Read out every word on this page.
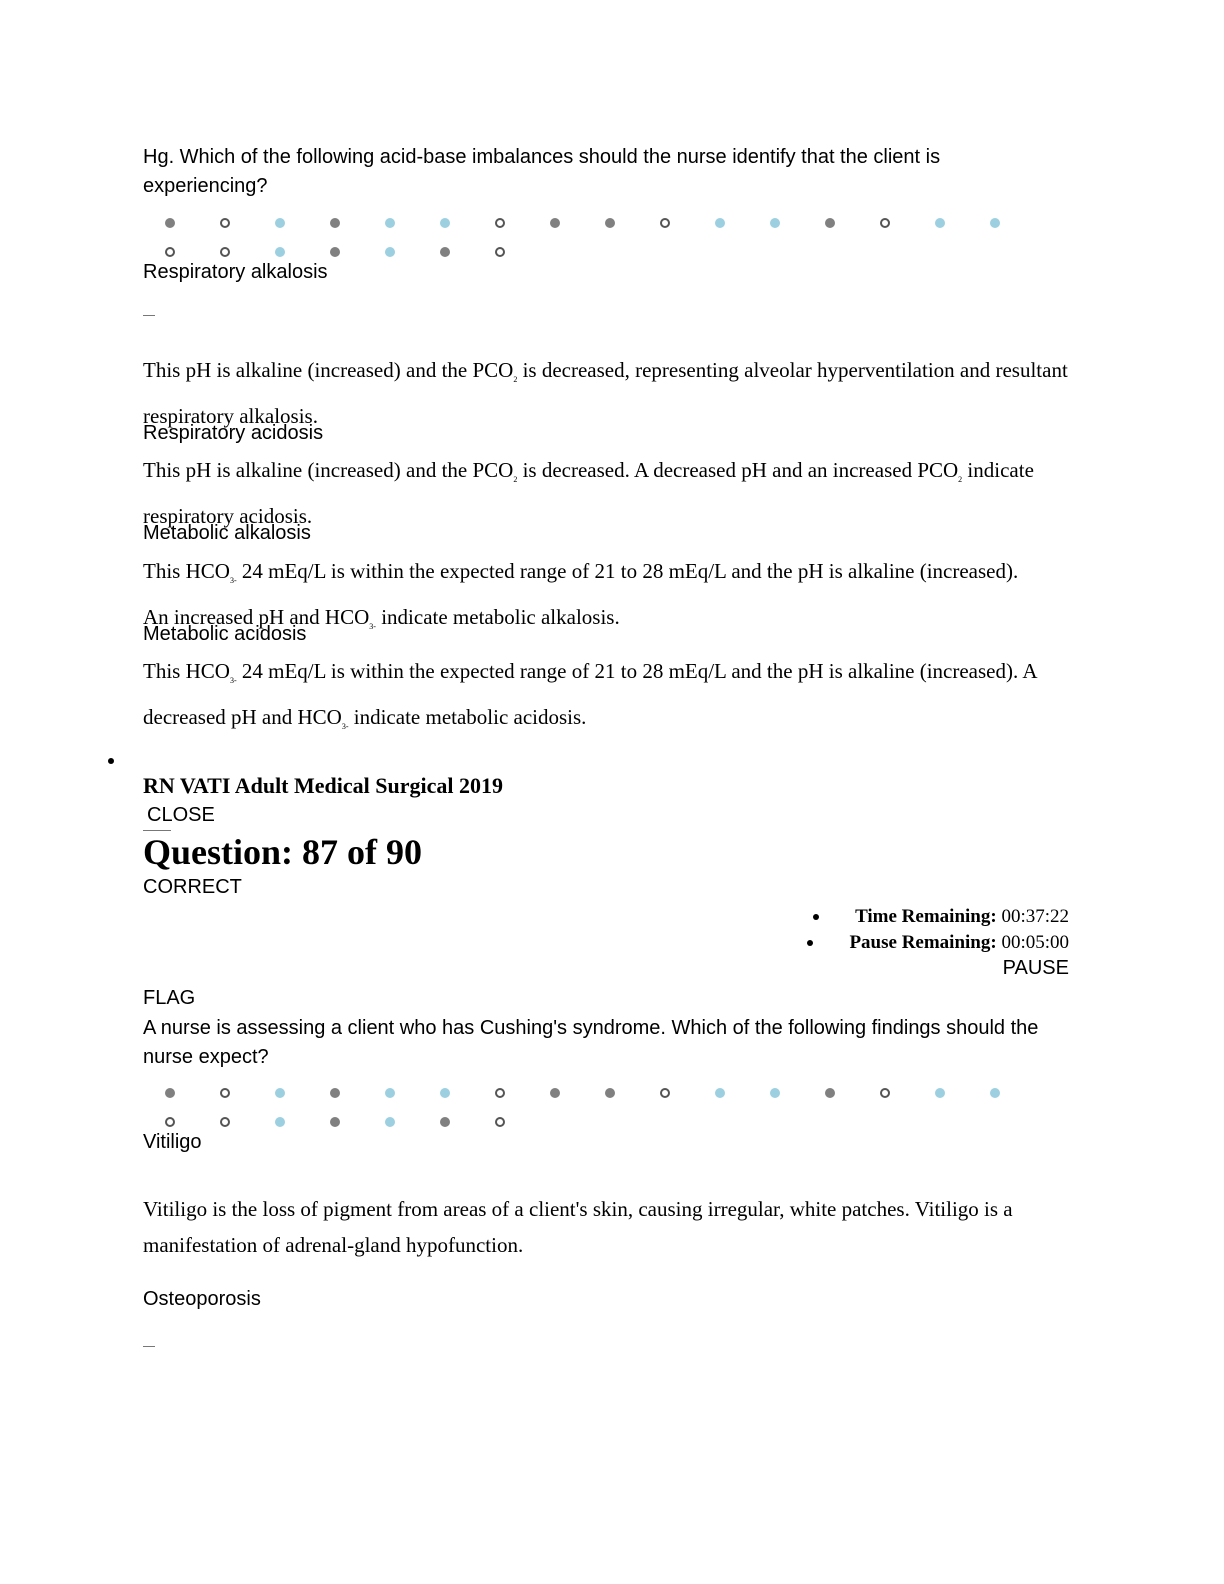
Hg. Which of the following acid-base imbalances should the nurse identify that the client is experiencing?
Respiratory alkalosis
This pH is alkaline (increased) and the $PCO_2$ is decreased, representing alveolar hyperventilation and resultant respiratory alkalosis.
Respiratory acidosis
This pH is alkaline (increased) and the $PCO_2$ is decreased. A decreased pH and an increased $PCO_2$ indicate respiratory acidosis.
Metabolic alkalosis
This $HCO_{3-}$ 24 mEq/L is within the expected range of 21 to 28 mEq/L and the pH is alkaline (increased). An increased pH and $HCO_{3-}$ indicate metabolic alkalosis.
Metabolic acidosis
This $HCO_{3-}$ 24 mEq/L is within the expected range of 21 to 28 mEq/L and the pH is alkaline (increased). A decreased pH and $HCO_{3-}$ indicate metabolic acidosis.
RN VATI Adult Medical Surgical 2019
CLOSE
Question: 87 of 90
CORRECT
Time Remaining: 00:37:22
Pause Remaining: 00:05:00
PAUSE
FLAG
A nurse is assessing a client who has Cushing's syndrome. Which of the following findings should the nurse expect?
Vitiligo
Vitiligo is the loss of pigment from areas of a client's skin, causing irregular, white patches. Vitiligo is a manifestation of adrenal-gland hypofunction.
Osteoporosis
